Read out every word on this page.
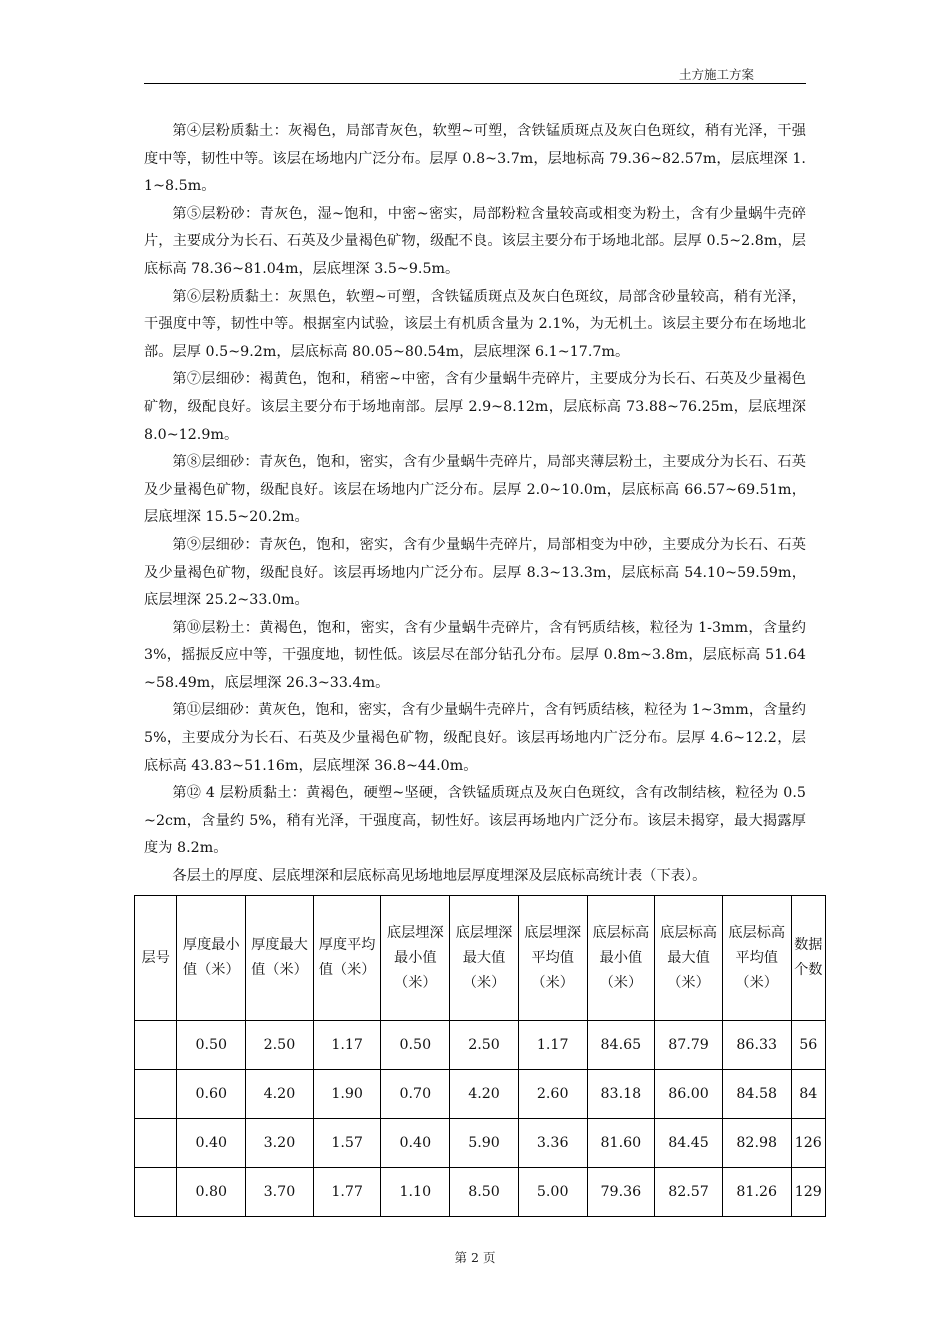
土方施工方案

第④层粉质黏土：灰褐色，局部青灰色，软塑~可塑，含铁锰质斑点及灰白色斑纹，稍有光泽，干强度中等，韧性中等。该层在场地内广泛分布。层厚 0.8~3.7m，层地标高 79.36~82.57m，层底埋深 1.1~8.5m。

第⑤层粉砂：青灰色，湿~饱和，中密~密实，局部粉粒含量较高或相变为粉土，含有少量蜗牛壳碎片，主要成分为长石、石英及少量褐色矿物，级配不良。该层主要分布于场地北部。层厚 0.5~2.8m，层底标高 78.36~81.04m，层底埋深 3.5~9.5m。

第⑥层粉质黏土：灰黑色，软塑~可塑，含铁锰质斑点及灰白色斑纹，局部含砂量较高，稍有光泽，干强度中等，韧性中等。根据室内试验，该层土有机质含量为 2.1%，为无机土。该层主要分布在场地北部。层厚 0.5~9.2m，层底标高 80.05~80.54m，层底埋深 6.1~17.7m。

第⑦层细砂：褐黄色，饱和，稍密~中密，含有少量蜗牛壳碎片，主要成分为长石、石英及少量褐色矿物，级配良好。该层主要分布于场地南部。层厚 2.9~8.12m，层底标高 73.88~76.25m，层底埋深 8.0~12.9m。

第⑧层细砂：青灰色，饱和，密实，含有少量蜗牛壳碎片，局部夹薄层粉土，主要成分为长石、石英及少量褐色矿物，级配良好。该层在场地内广泛分布。层厚 2.0~10.0m，层底标高 66.57~69.51m，层底埋深 15.5~20.2m。

第⑨层细砂：青灰色，饱和，密实，含有少量蜗牛壳碎片，局部相变为中砂，主要成分为长石、石英及少量褐色矿物，级配良好。该层再场地内广泛分布。层厚 8.3~13.3m，层底标高 54.10~59.59m，底层埋深 25.2~33.0m。

第⑩层粉土：黄褐色，饱和，密实，含有少量蜗牛壳碎片，含有钙质结核，粒径为 1-3mm，含量约 3%，摇振反应中等，干强度地，韧性低。该层尽在部分钻孔分布。层厚 0.8m~3.8m，层底标高 51.64~58.49m，底层埋深 26.3~33.4m。

第⑪层细砂：黄灰色，饱和，密实，含有少量蜗牛壳碎片，含有钙质结核，粒径为 1~3mm，含量约 5%，主要成分为长石、石英及少量褐色矿物，级配良好。该层再场地内广泛分布。层厚 4.6~12.2，层底标高 43.83~51.16m，层底埋深 36.8~44.0m。

第⑫ 4 层粉质黏土：黄褐色，硬塑~坚硬，含铁锰质斑点及灰白色斑纹，含有改制结核，粒径为 0.5~2cm，含量约 5%，稍有光泽，干强度高，韧性好。该层再场地内广泛分布。该层未揭穿，最大揭露厚度为 8.2m。

各层土的厚度、层底埋深和层底标高见场地地层厚度埋深及层底标高统计表（下表）。

层号	厚度最小值（米）	厚度最大值（米）	厚度平均值（米）	底层埋深最小值（米）	底层埋深最大值（米）	底层埋深平均值（米）	底层标高最小值（米）	底层标高最大值（米）	底层标高平均值（米）	数据个数
	0.50	2.50	1.17	0.50	2.50	1.17	84.65	87.79	86.33	56
	0.60	4.20	1.90	0.70	4.20	2.60	83.18	86.00	84.58	84
	0.40	3.20	1.57	0.40	5.90	3.36	81.60	84.45	82.98	126
	0.80	3.70	1.77	1.10	8.50	5.00	79.36	82.57	81.26	129
第 2 页
